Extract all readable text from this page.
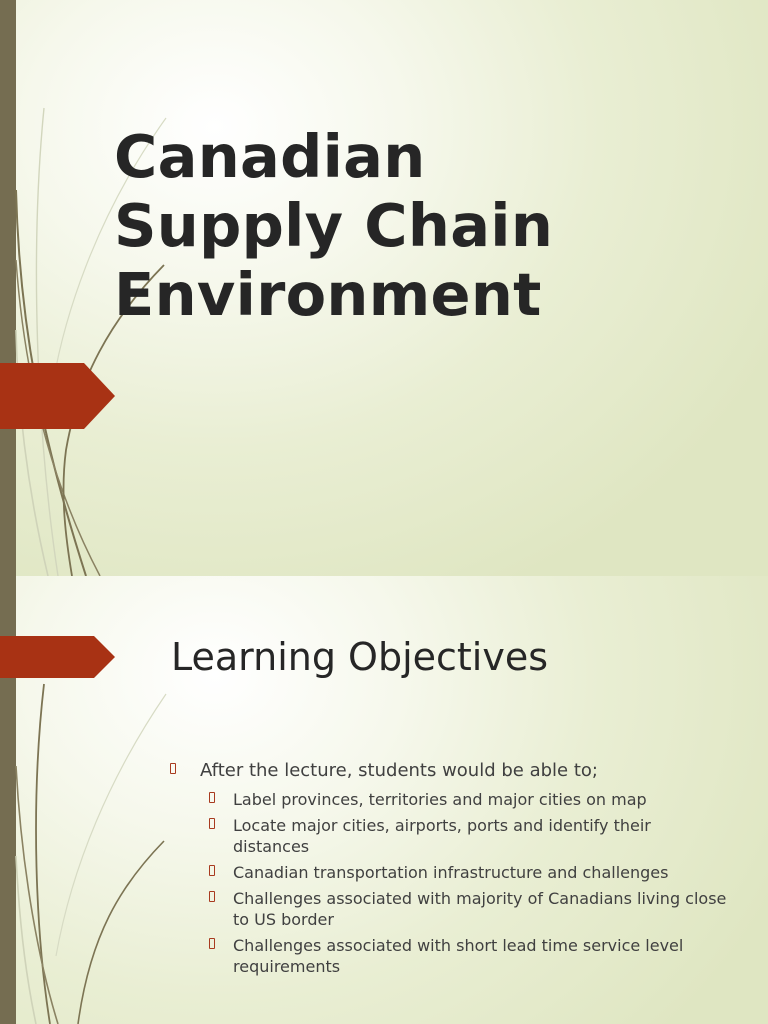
Canadian
Supply Chain
Environment
Learning Objectives
After the lecture, students would be able to;
Label provinces, territories and major cities on map
Locate major cities, airports, ports and identify their distances
Canadian transportation infrastructure and challenges
Challenges associated with majority of Canadians living close to US border
Challenges associated with short lead time service level requirements
